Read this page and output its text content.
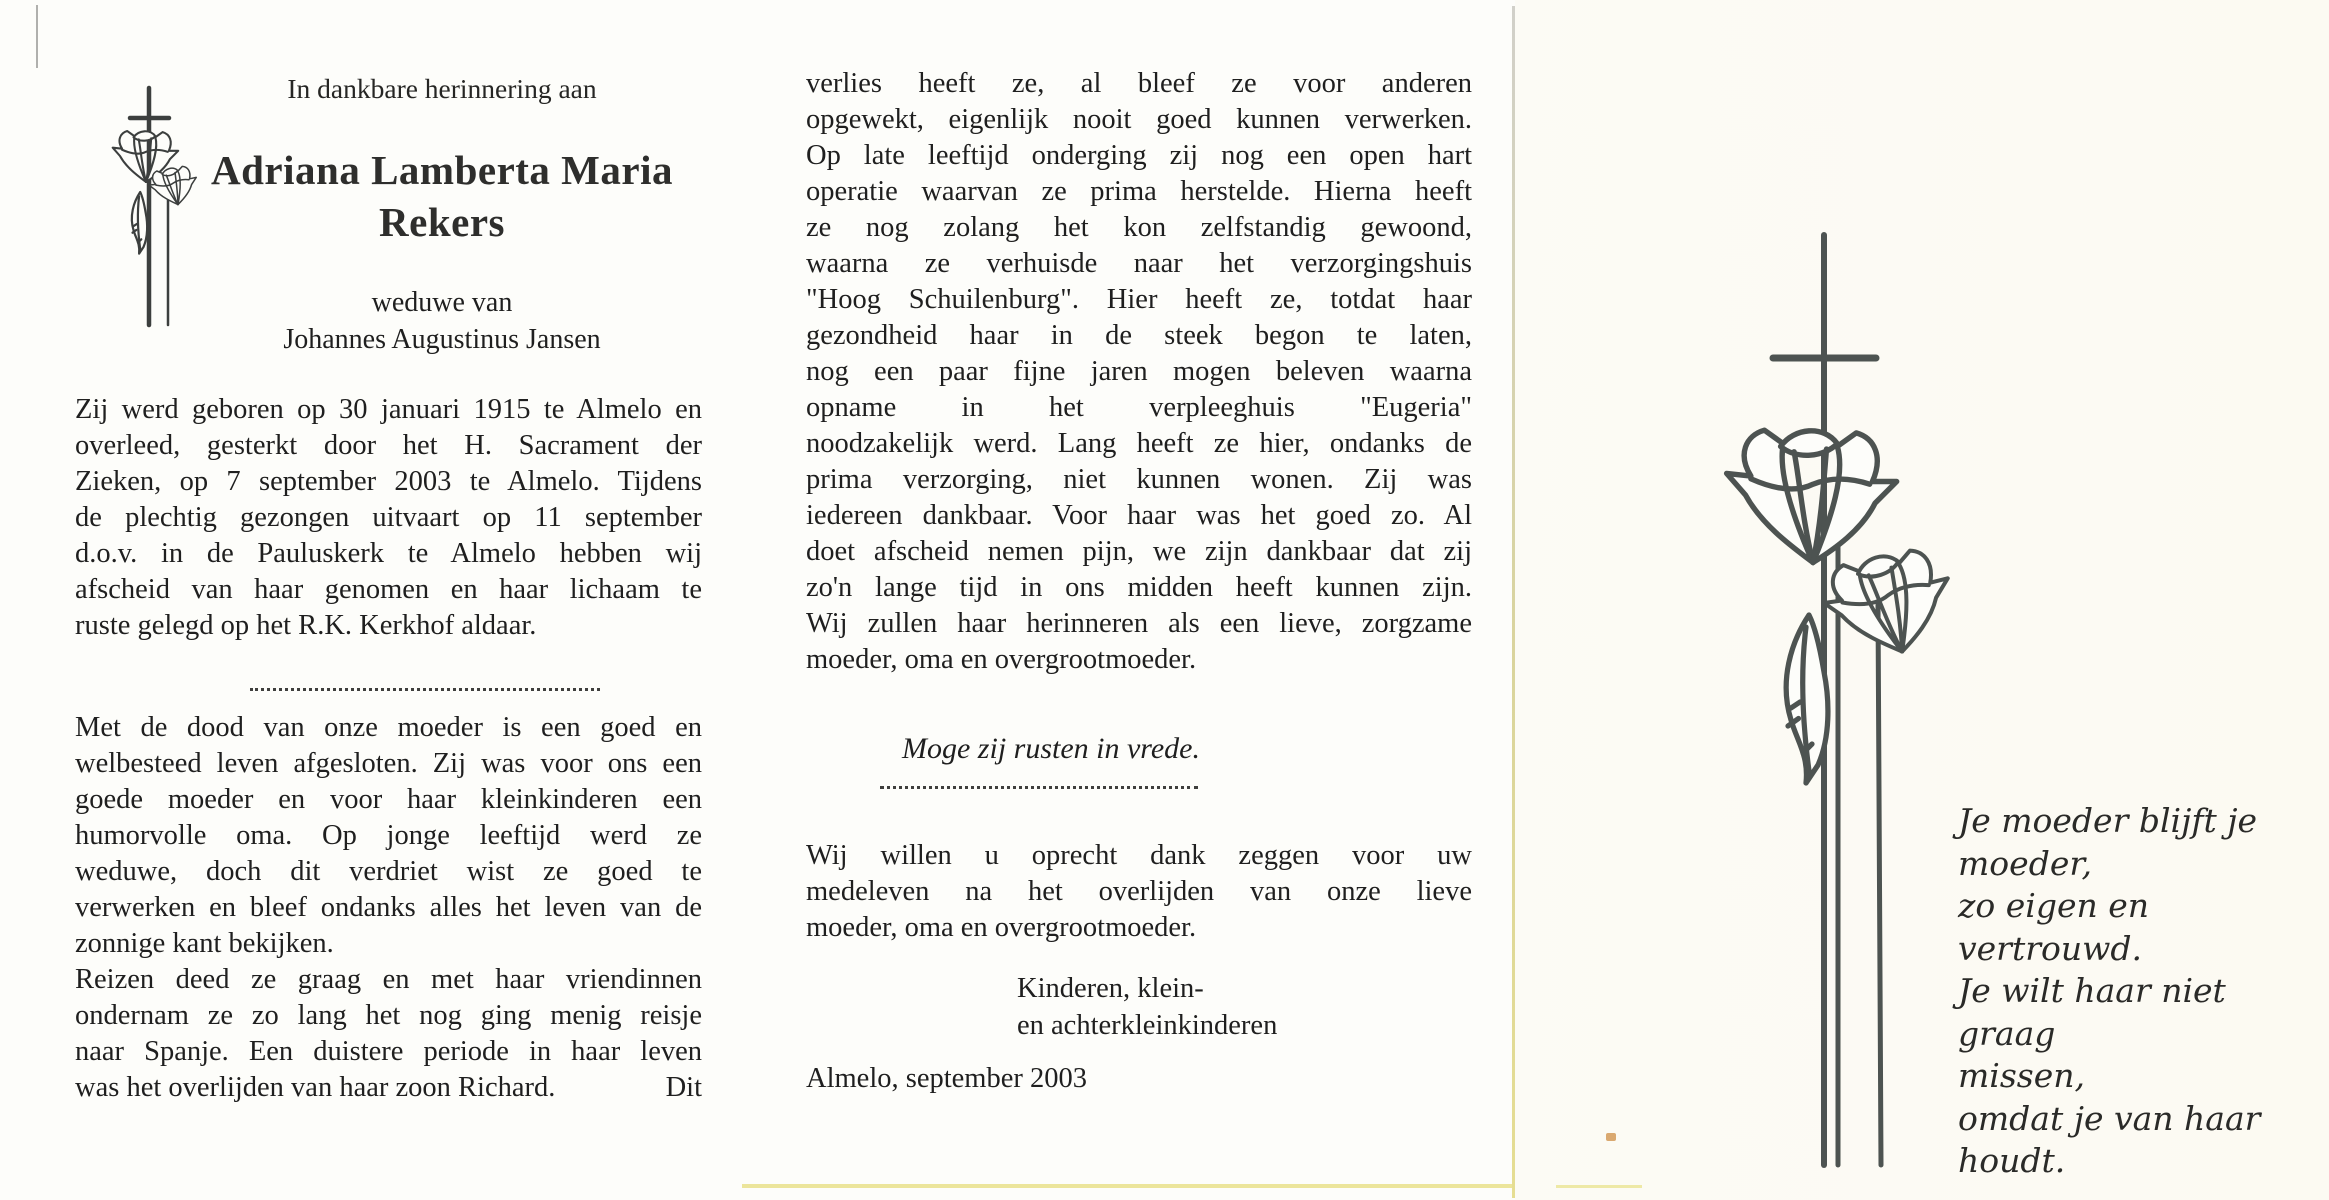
In dankbare herinnering aan
Adriana Lamberta Maria
Rekers
weduwe van
Johannes Augustinus Jansen
Zij werd geboren op 30 januari 1915 te Almelo en
overleed, gesterkt door het H. Sacrament der
Zieken, op 7 september 2003 te Almelo. Tijdens
de plechtig gezongen uitvaart op 11 september
d.o.v. in de Pauluskerk te Almelo hebben wij
afscheid van haar genomen en haar lichaam te
ruste gelegd op het R.K. Kerkhof aldaar.
Met de dood van onze moeder is een goed en
welbesteed leven afgesloten. Zij was voor ons een
goede moeder en voor haar kleinkinderen een
humorvolle oma. Op jonge leeftijd werd ze
weduwe, doch dit verdriet wist ze goed te
verwerken en bleef ondanks alles het leven van de
zonnige kant bekijken.
Reizen deed ze graag en met haar vriendinnen
ondernam ze zo lang het nog ging menig reisje
naar Spanje. Een duistere periode in haar leven
was het overlijden van haar zoon Richard.	Dit
verlies heeft ze, al bleef ze voor anderen
opgewekt, eigenlijk nooit goed kunnen verwerken.
Op late leeftijd onderging zij nog een open hart
operatie waarvan ze prima herstelde. Hierna heeft
ze nog zolang het kon zelfstandig gewoond,
waarna ze verhuisde naar het verzorgingshuis
"Hoog Schuilenburg". Hier heeft ze, totdat haar
gezondheid haar in de steek begon te laten,
nog een paar fijne jaren mogen beleven waarna
opname in het verpleeghuis "Eugeria"
noodzakelijk werd. Lang heeft ze hier, ondanks de
prima verzorging, niet kunnen wonen. Zij was
iedereen dankbaar. Voor haar was het goed zo. Al
doet afscheid nemen pijn, we zijn dankbaar dat zij
zo'n lange tijd in ons midden heeft kunnen zijn.
Wij zullen haar herinneren als een lieve, zorgzame
moeder, oma en overgrootmoeder.
Moge zij rusten in vrede.
Wij willen u oprecht dank zeggen voor uw
medeleven na het overlijden van onze lieve
moeder, oma en overgrootmoeder.
Kinderen, klein-
en achterkleinkinderen
Almelo, september 2003
Je moeder blijft je
moeder,
zo eigen en vertrouwd.
Je wilt haar niet graag
missen,
omdat je van haar
houdt.
